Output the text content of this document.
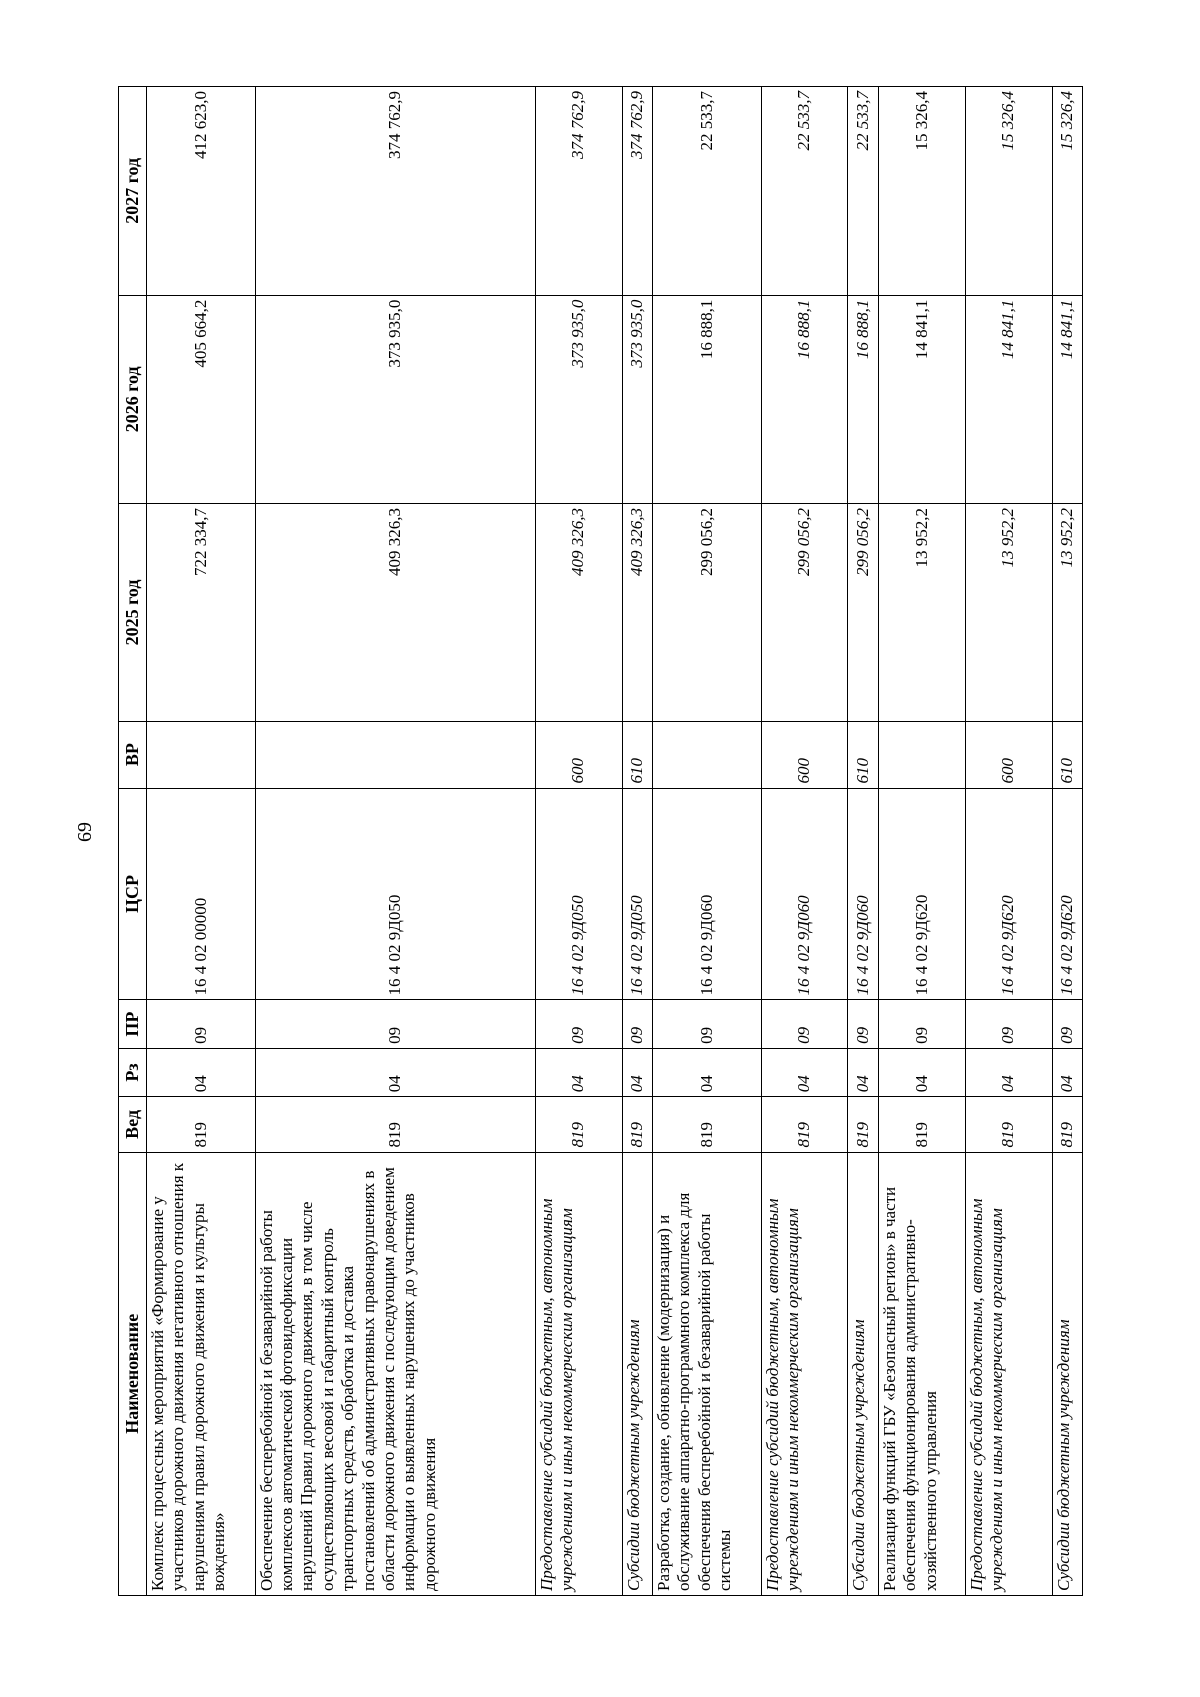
69
Наименование	Вед	Рз	ПР	ЦСР	ВР	2025 год	2026 год	2027 год
Комплекс процессных мероприятий «Формирование у участников дорожного движения негативного отношения к нарушениям правил дорожного движения и культуры вождения»	819	04	09	16 4 02 00000		722 334,7	405 664,2	412 623,0
Обеспечение бесперебойной и безаварийной работы комплексов автоматической фотовидеофиксации нарушений Правил дорожного движения, в том числе осуществляющих весовой и габаритный контроль транспортных средств, обработка и доставка постановлений об административных правонарушениях в области дорожного движения с последующим доведением информации о выявленных нарушениях до участников дорожного движения	819	04	09	16 4 02 9Д050		409 326,3	373 935,0	374 762,9
Предоставление субсидий бюджетным, автономным учреждениям и иным некоммерческим организациям	819	04	09	16 4 02 9Д050	600	409 326,3	373 935,0	374 762,9
Субсидии бюджетным учреждениям	819	04	09	16 4 02 9Д050	610	409 326,3	373 935,0	374 762,9
Разработка, создание, обновление (модернизация) и обслуживание аппаратно-программного комплекса для обеспечения бесперебойной и безаварийной работы системы	819	04	09	16 4 02 9Д060		299 056,2	16 888,1	22 533,7
Предоставление субсидий бюджетным, автономным учреждениям и иным некоммерческим организациям	819	04	09	16 4 02 9Д060	600	299 056,2	16 888,1	22 533,7
Субсидии бюджетным учреждениям	819	04	09	16 4 02 9Д060	610	299 056,2	16 888,1	22 533,7
Реализация функций ГБУ «Безопасный регион» в части обеспечения функционирования административно-хозяйственного управления	819	04	09	16 4 02 9Д620		13 952,2	14 841,1	15 326,4
Предоставление субсидий бюджетным, автономным учреждениям и иным некоммерческим организациям	819	04	09	16 4 02 9Д620	600	13 952,2	14 841,1	15 326,4
Субсидии бюджетным учреждениям	819	04	09	16 4 02 9Д620	610	13 952,2	14 841,1	15 326,4
